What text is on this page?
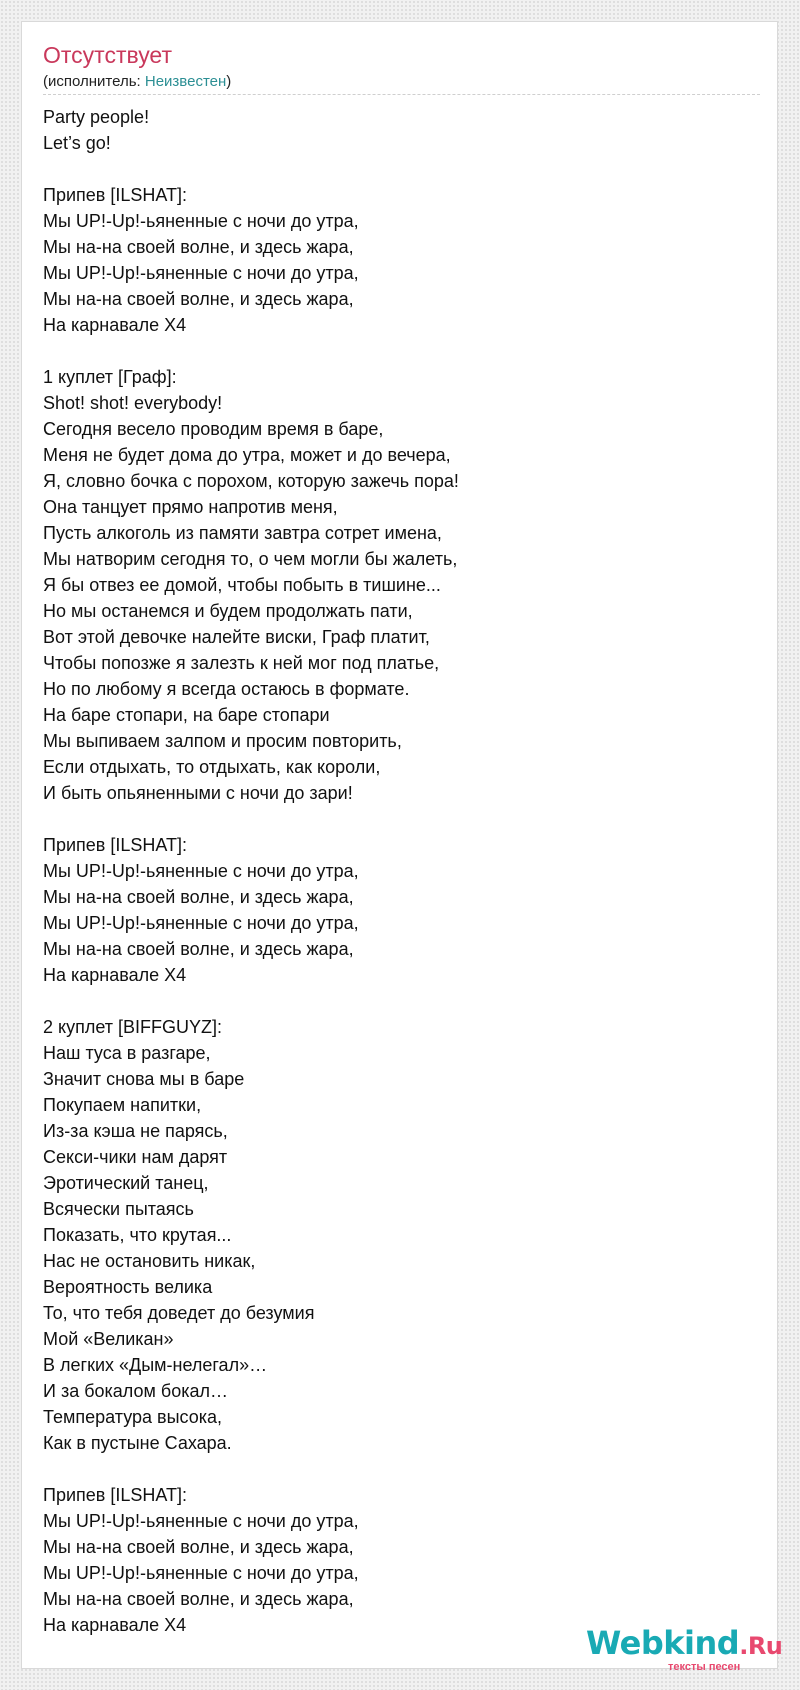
Отсутствует
(исполнитель: Неизвестен)
Party people!
Let’s go!
Припев [ILSHAT]:
Мы UP!-Up!-ьяненные с ночи до утра,
Мы на-на своей волне, и здесь жара,
Мы UP!-Up!-ьяненные с ночи до утра,
Мы на-на своей волне, и здесь жара,
На карнавале X4
1 куплет [Граф]:
Shot! shot! everybody!
Сегодня весело проводим время в баре,
Меня не будет дома до утра, может и до вечера,
Я, словно бочка с порохом, которую зажечь пора!
Она танцует прямо напротив меня,
Пусть алкоголь из памяти завтра сотрет имена,
Мы натворим сегодня то, о чем могли бы жалеть,
Я бы отвез ее домой, чтобы побыть в тишине...
Но мы останемся и будем продолжать пати,
Вот этой девочке налейте виски, Граф платит,
Чтобы попозже я залезть к ней мог под платье,
Но по любому я всегда остаюсь в формате.
На баре стопари, на баре стопари
Мы выпиваем залпом и просим повторить,
Если отдыхать, то отдыхать, как короли,
И быть опьяненными с ночи до зари!
Припев [ILSHAT]:
Мы UP!-Up!-ьяненные с ночи до утра,
Мы на-на своей волне, и здесь жара,
Мы UP!-Up!-ьяненные с ночи до утра,
Мы на-на своей волне, и здесь жара,
На карнавале X4
2 куплет [BIFFGUYZ]:
Наш туса в разгаре,
Значит снова мы в баре
Покупаем напитки,
Из-за кэша не парясь,
Секси-чики нам дарят
Эротический танец,
Всячески пытаясь
Показать, что крутая...
Нас не остановить никак,
Вероятность велика
То, что тебя доведет до безумия
Мой «Великан»
В легких «Дым-нелегал»…
И за бокалом бокал…
Температура высока,
Как в пустыне Сахара.
Припев [ILSHAT]:
Мы UP!-Up!-ьяненные с ночи до утра,
Мы на-на своей волне, и здесь жара,
Мы UP!-Up!-ьяненные с ночи до утра,
Мы на-на своей волне, и здесь жара,
На карнавале X4	Webkind.Ru
тексты песен
